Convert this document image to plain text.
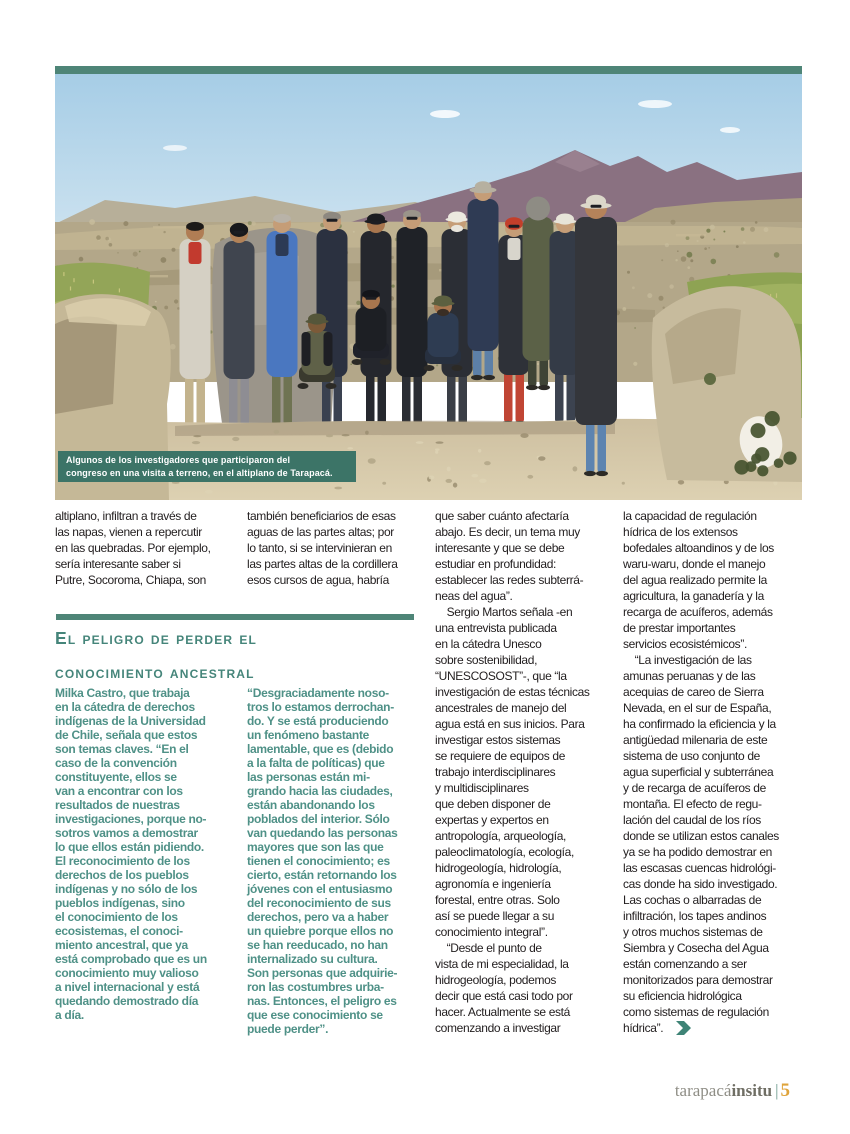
Algunos de los investigadores que participaron del
congreso en una visita a terreno, en el altiplano de Tarapacá.
altiplano, infiltran a través de
las napas, vienen a repercutir
en las quebradas. Por ejemplo,
sería interesante saber si
Putre, Socoroma, Chiapa, son
también beneficiarios de esas
aguas de las partes altas; por
lo tanto, si se intervinieran en
las partes altas de la cordillera
esos cursos de agua, habría
que saber cuánto afectaría
abajo. Es decir, un tema muy
interesante y que se debe
estudiar en profundidad:
establecer las redes subterrá-
neas del agua”.
 Sergio Martos señala -en
una entrevista publicada
en la cátedra Unesco
sobre sostenibilidad,
“UNESCOSOST”-, que “la
investigación de estas técnicas
ancestrales de manejo del
agua está en sus inicios. Para
investigar estos sistemas
se requiere de equipos de
trabajo interdisciplinares
y multidisciplinares
que deben disponer de
expertas y expertos en
antropología, arqueología,
paleoclimatología, ecología,
hidrogeología, hidrología,
agronomía e ingeniería
forestal, entre otras. Solo
así se puede llegar a su
conocimiento integral”.
 “Desde el punto de
vista de mi especialidad, la
hidrogeología, podemos
decir que está casi todo por
hacer. Actualmente se está
comenzando a investigar
la capacidad de regulación
hídrica de los extensos
bofedales altoandinos y de los
waru-waru, donde el manejo
del agua realizado permite la
agricultura, la ganadería y la
recarga de acuíferos, además
de prestar importantes
servicios ecosistémicos”.
 “La investigación de las
amunas peruanas y de las
acequias de careo de Sierra
Nevada, en el sur de España,
ha confirmado la eficiencia y la
antigüedad milenaria de este
sistema de uso conjunto de
agua superficial y subterránea
y de recarga de acuíferos de
montaña. El efecto de regu-
lación del caudal de los ríos
donde se utilizan estos canales
ya se ha podido demostrar en
las escasas cuencas hidrológi-
cas donde ha sido investigado.
Las cochas o albarradas de
infiltración, los tapes andinos
y otros muchos sistemas de
Siembra y Cosecha del Agua
están comenzando a ser
monitorizados para demostrar
su eficiencia hidrológica
como sistemas de regulación
hídrica”.
El peligro de perder el
conocimiento ancestral
Milka Castro, que trabaja
en la cátedra de derechos
indígenas de la Universidad
de Chile, señala que estos
son temas claves. “En el
caso de la convención
constituyente, ellos se
van a encontrar con los
resultados de nuestras
investigaciones, porque no-
sotros vamos a demostrar
lo que ellos están pidiendo.
El reconocimiento de los
derechos de los pueblos
indígenas y no sólo de los
pueblos indígenas, sino
el conocimiento de los
ecosistemas, el conoci-
miento ancestral, que ya
está comprobado que es un
conocimiento muy valioso
a nivel internacional y está
quedando demostrado día
a día.
“Desgraciadamente noso-
tros lo estamos derrochan-
do. Y se está produciendo
un fenómeno bastante
lamentable, que es (debido
a la falta de políticas) que
las personas están mi-
grando hacia las ciudades,
están abandonando los
poblados del interior. Sólo
van quedando las personas
mayores que son las que
tienen el conocimiento; es
cierto, están retornando los
jóvenes con el entusiasmo
del reconocimiento de sus
derechos, pero va a haber
un quiebre porque ellos no
se han reeducado, no han
internalizado su cultura.
Son personas que adquirie-
ron las costumbres urba-
nas. Entonces, el peligro es
que ese conocimiento se
puede perder”.
tarapacá insitu | 5
